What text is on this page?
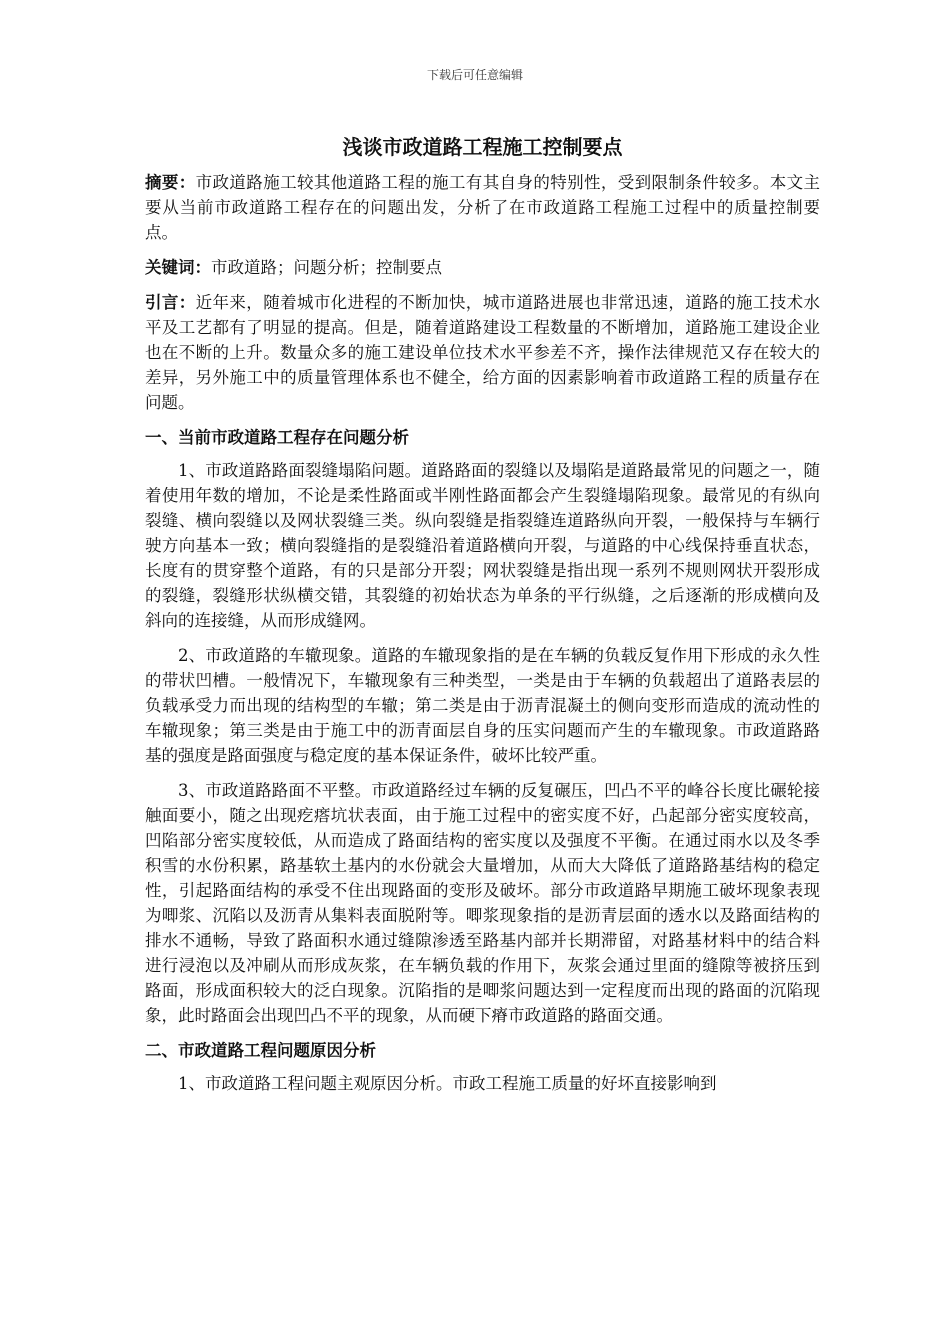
下载后可任意编辑
浅谈市政道路工程施工控制要点

摘要：市政道路施工较其他道路工程的施工有其自身的特别性，受到限制条件较多。本文主要从当前市政道路工程存在的问题出发，分析了在市政道路工程施工过程中的质量控制要点。

关键词：市政道路；问题分析；控制要点

引言：近年来，随着城市化进程的不断加快，城市道路进展也非常迅速，道路的施工技术水平及工艺都有了明显的提高。但是，随着道路建设工程数量的不断增加，道路施工建设企业也在不断的上升。数量众多的施工建设单位技术水平参差不齐，操作法律规范又存在较大的差异，另外施工中的质量管理体系也不健全，给方面的因素影响着市政道路工程的质量存在问题。

一、当前市政道路工程存在问题分析

1、市政道路路面裂缝塌陷问题。道路路面的裂缝以及塌陷是道路最常见的问题之一，随着使用年数的增加，不论是柔性路面或半刚性路面都会产生裂缝塌陷现象。最常见的有纵向裂缝、横向裂缝以及网状裂缝三类。纵向裂缝是指裂缝连道路纵向开裂，一般保持与车辆行驶方向基本一致；横向裂缝指的是裂缝沿着道路横向开裂，与道路的中心线保持垂直状态，长度有的贯穿整个道路，有的只是部分开裂；网状裂缝是指出现一系列不规则网状开裂形成的裂缝，裂缝形状纵横交错，其裂缝的初始状态为单条的平行纵缝，之后逐渐的形成横向及斜向的连接缝，从而形成缝网。

2、市政道路的车辙现象。道路的车辙现象指的是在车辆的负载反复作用下形成的永久性的带状凹槽。一般情况下，车辙现象有三种类型，一类是由于车辆的负载超出了道路表层的负载承受力而出现的结构型的车辙；第二类是由于沥青混凝土的侧向变形而造成的流动性的车辙现象；第三类是由于施工中的沥青面层自身的压实问题而产生的车辙现象。市政道路路基的强度是路面强度与稳定度的基本保证条件，破坏比较严重。

3、市政道路路面不平整。市政道路经过车辆的反复碾压，凹凸不平的峰谷长度比碾轮接触面要小，随之出现疙瘩坑状表面，由于施工过程中的密实度不好，凸起部分密实度较高，凹陷部分密实度较低，从而造成了路面结构的密实度以及强度不平衡。在通过雨水以及冬季积雪的水份积累，路基软土基内的水份就会大量增加，从而大大降低了道路路基结构的稳定性，引起路面结构的承受不住出现路面的变形及破坏。部分市政道路早期施工破坏现象表现为唧浆、沉陷以及沥青从集料表面脱附等。唧浆现象指的是沥青层面的透水以及路面结构的排水不通畅，导致了路面积水通过缝隙渗透至路基内部并长期滞留，对路基材料中的结合料进行浸泡以及冲刷从而形成灰浆，在车辆负载的作用下，灰浆会通过里面的缝隙等被挤压到路面，形成面积较大的泛白现象。沉陷指的是唧浆问题达到一定程度而出现的路面的沉陷现象，此时路面会出现凹凸不平的现象，从而硬下瘠市政道路的路面交通。

二、市政道路工程问题原因分析

1、市政道路工程问题主观原因分析。市政工程施工质量的好坏直接影响到
